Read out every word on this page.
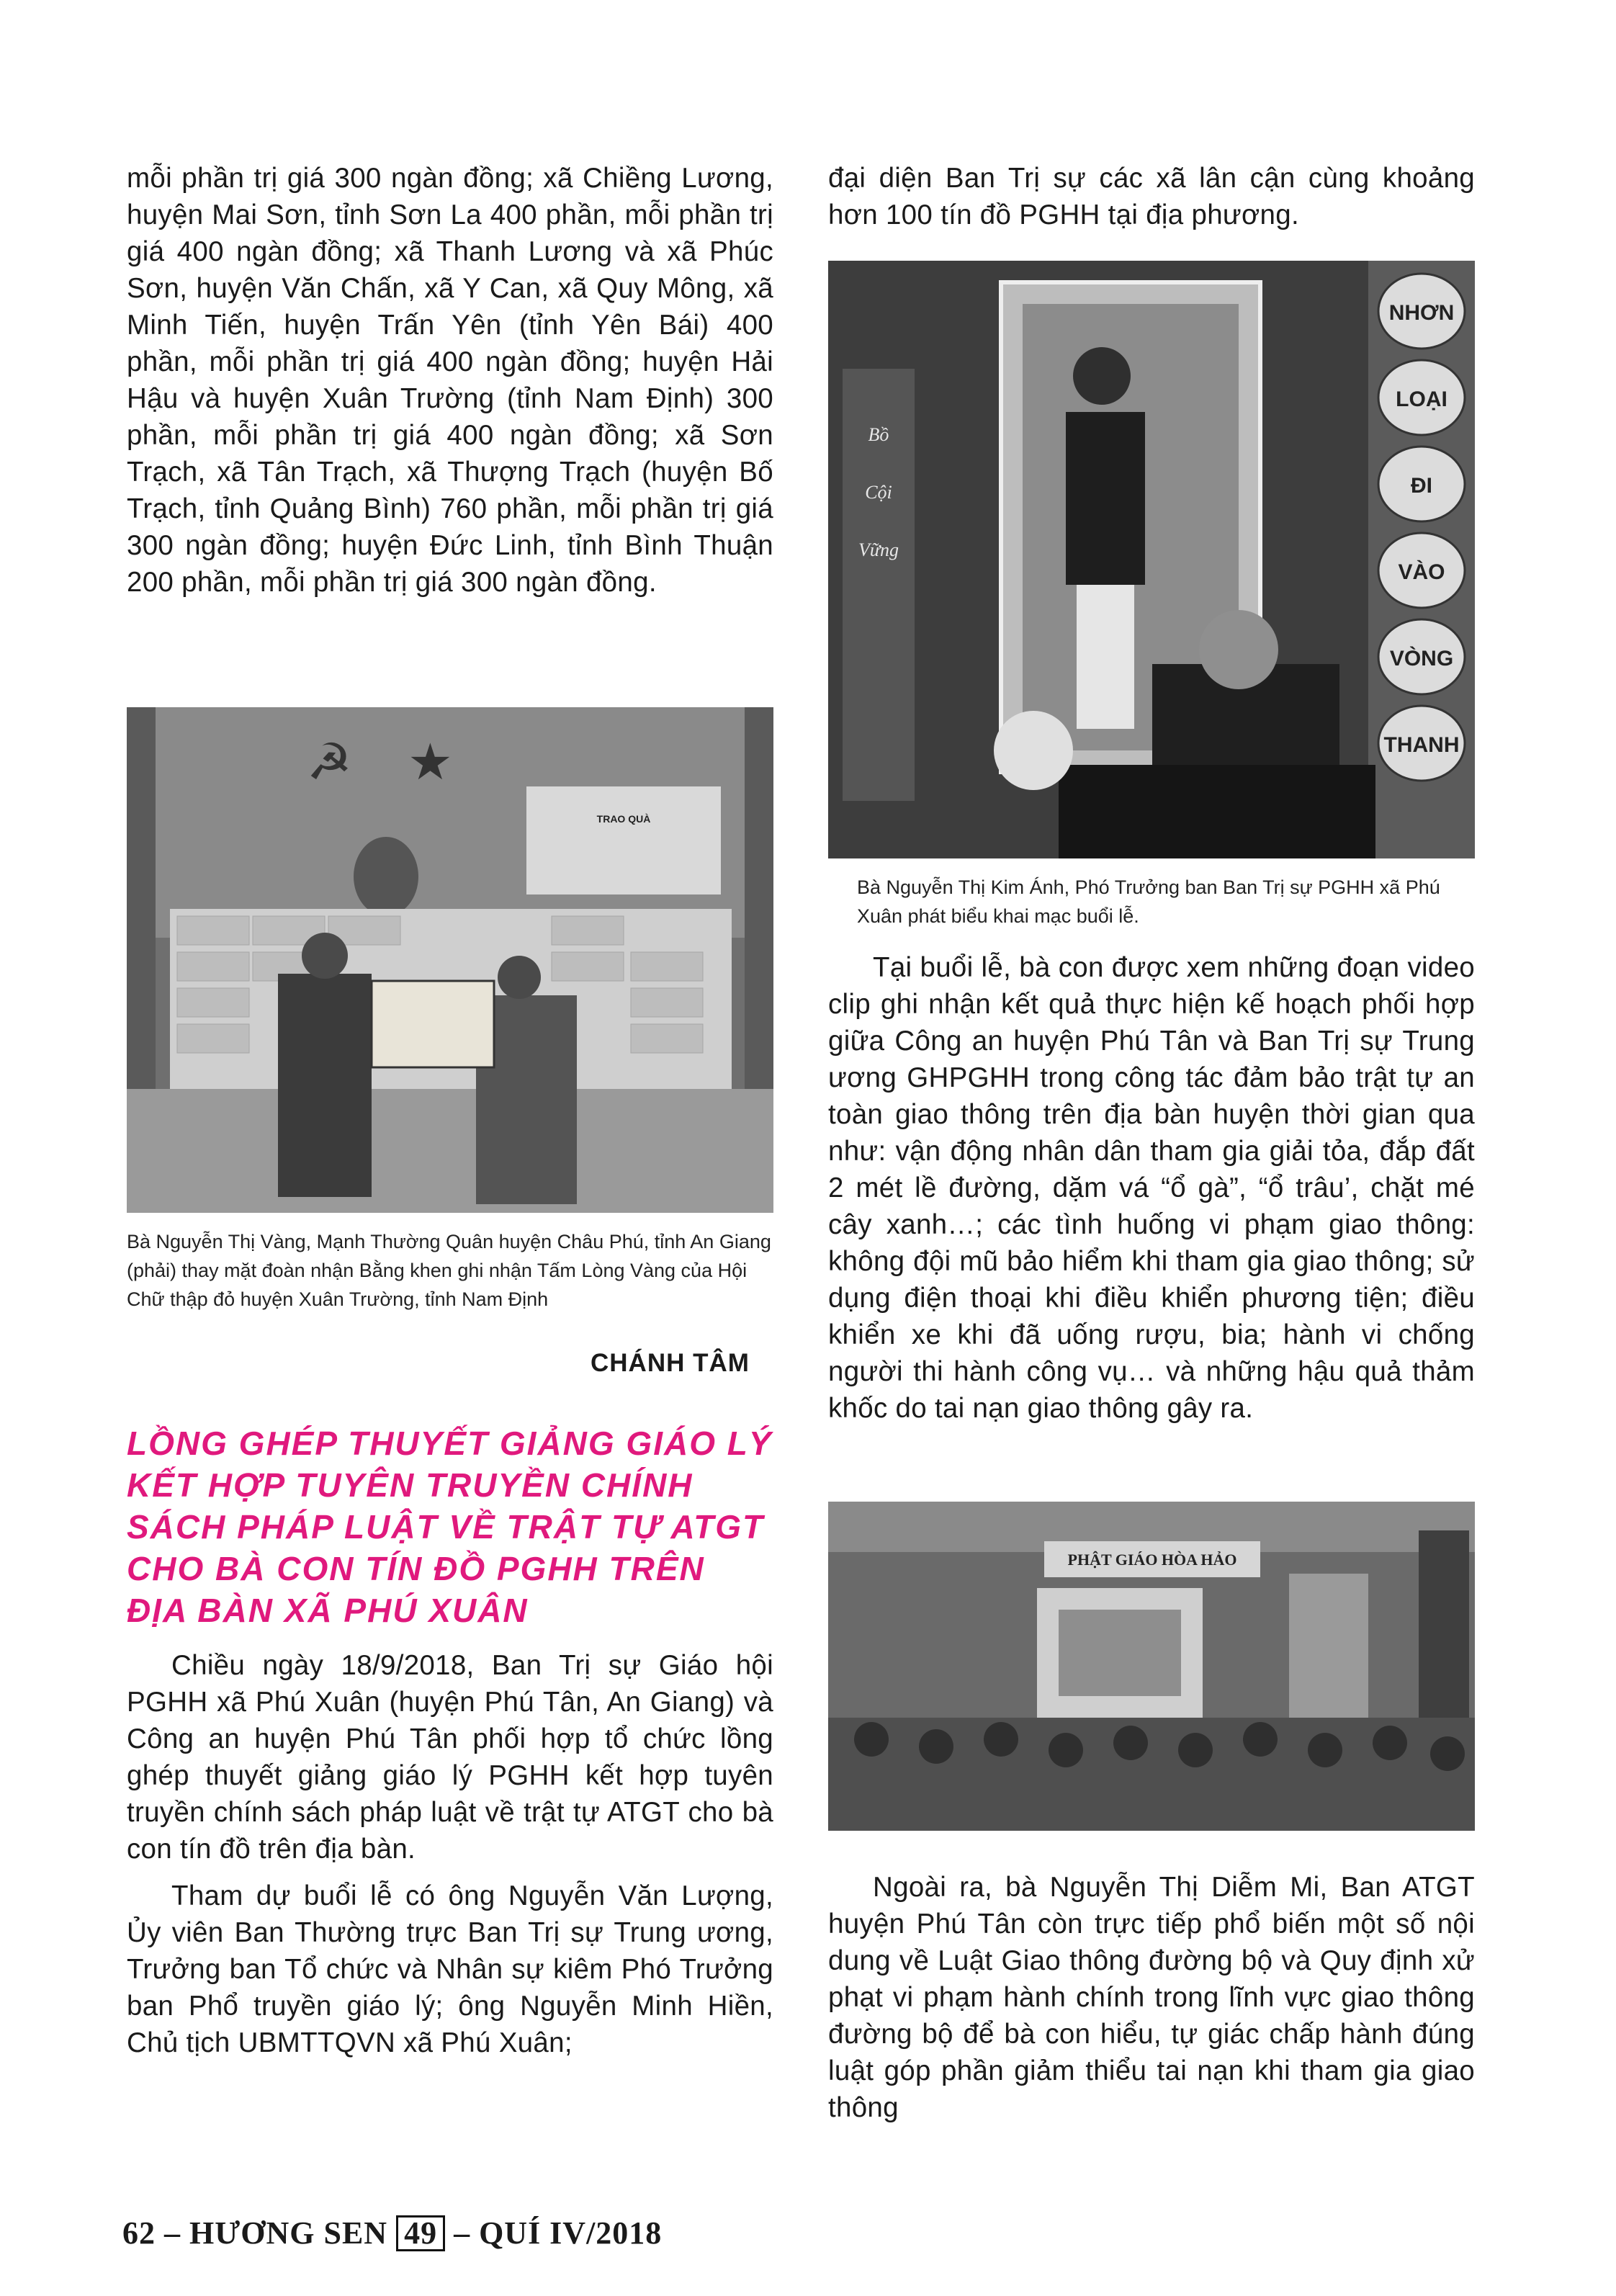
mỗi phần trị giá 300 ngàn đồng; xã Chiềng Lương, huyện Mai Sơn, tỉnh Sơn La 400 phần, mỗi phần trị giá 400 ngàn đồng; xã Thanh Lương và xã Phúc Sơn, huyện Văn Chấn, xã Y Can, xã Quy Mông, xã Minh Tiến, huyện Trấn Yên (tỉnh Yên Bái) 400 phần, mỗi phần trị giá 400 ngàn đồng; huyện Hải Hậu và huyện Xuân Trường (tỉnh Nam Định) 300 phần, mỗi phần trị giá 400 ngàn đồng; xã Sơn Trạch, xã Tân Trạch, xã Thượng Trạch (huyện Bố Trạch, tỉnh Quảng Bình) 760 phần, mỗi phần trị giá 300 ngàn đồng; huyện Đức Linh, tỉnh Bình Thuận 200 phần, mỗi phần trị giá 300 ngàn đồng.

☭ ★
TRAO QUÀ

Bà Nguyễn Thị Vàng, Mạnh Thường Quân huyện Châu Phú, tỉnh An Giang (phải) thay mặt đoàn nhận Bằng khen ghi nhận Tấm Lòng Vàng của Hội Chữ thập đỏ huyện Xuân Trường, tỉnh Nam Định

CHÁNH TÂM

LỒNG GHÉP THUYẾT GIẢNG GIÁO LÝ KẾT HỢP TUYÊN TRUYỀN CHÍNH SÁCH PHÁP LUẬT VỀ TRẬT TỰ ATGT CHO BÀ CON TÍN ĐỒ PGHH TRÊN ĐỊA BÀN XÃ PHÚ XUÂN

Chiều ngày 18/9/2018, Ban Trị sự Giáo hội PGHH xã Phú Xuân (huyện Phú Tân, An Giang) và Công an huyện Phú Tân phối hợp tổ chức lồng ghép thuyết giảng giáo lý PGHH kết hợp tuyên truyền chính sách pháp luật về trật tự ATGT cho bà con tín đồ trên địa bàn.

Tham dự buổi lễ có ông Nguyễn Văn Lượng, Ủy viên Ban Thường trực Ban Trị sự Trung ương, Trưởng ban Tổ chức và Nhân sự kiêm Phó Trưởng ban Phổ truyền giáo lý; ông Nguyễn Minh Hiền, Chủ tịch UBMTTQVN xã Phú Xuân;

đại diện Ban Trị sự các xã lân cận cùng khoảng hơn 100 tín đồ PGHH tại địa phương.

Bồ
Cội
Vững
NHƠN
LOẠI
ĐI
VÀO
VÒNG
THANH

Bà Nguyễn Thị Kim Ánh, Phó Trưởng ban Ban Trị sự PGHH xã Phú Xuân phát biểu khai mạc buổi lễ.

Tại buổi lễ, bà con được xem những đoạn video clip ghi nhận kết quả thực hiện kế hoạch phối hợp giữa Công an huyện Phú Tân và Ban Trị sự Trung ương GHPGHH trong công tác đảm bảo trật tự an toàn giao thông trên địa bàn huyện thời gian qua như: vận động nhân dân tham gia giải tỏa, đắp đất 2 mét lề đường, dặm vá “ổ gà”, “ổ trâu’, chặt mé cây xanh…; các tình huống vi phạm giao thông: không đội mũ bảo hiểm khi tham gia giao thông; sử dụng điện thoại khi điều khiển phương tiện; điều khiển xe khi đã uống rượu, bia; hành vi chống người thi hành công vụ… và những hậu quả thảm khốc do tai nạn giao thông gây ra.

PHẬT GIÁO HÒA HẢO

Ngoài ra, bà Nguyễn Thị Diễm Mi, Ban ATGT huyện Phú Tân còn trực tiếp phổ biến một số nội dung về Luật Giao thông đường bộ và Quy định xử phạt vi phạm hành chính trong lĩnh vực giao thông đường bộ để bà con hiểu, tự giác chấp hành đúng luật góp phần giảm thiểu tai nạn khi tham gia giao thông

62 – HƯƠNG SEN 49 – QUÍ IV/2018
